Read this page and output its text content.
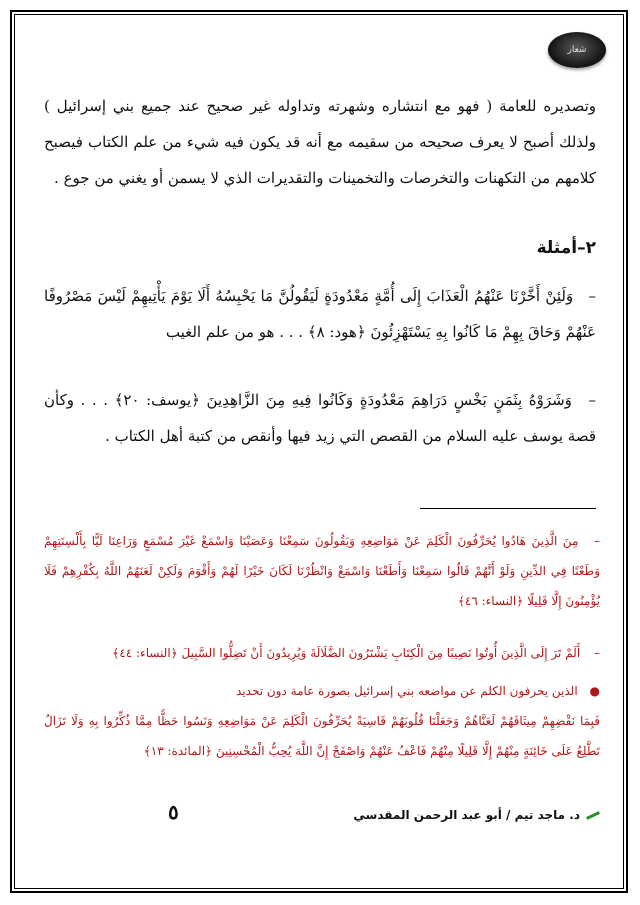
شعار
وتصديره للعامة ( فهو مع انتشاره وشهرته وتداوله غير صحيح عند جميع بني إسرائيل ) ولذلك أصبح لا يعرف صحيحه من سقيمه مع أنه قد يكون فيه شيء من علم الكتاب فيصبح كلامهم من التكهنات والتخرصات والتخمينات والتقديرات الذي لا يسمن أو يغني من جوع .
٢–أمثلة
– وَلَئِنْ أَخَّرْنَا عَنْهُمُ الْعَذَابَ إِلَى أُمَّةٍ مَعْدُودَةٍ لَيَقُولُنَّ مَا يَحْبِسُهُ أَلَا يَوْمَ يَأْتِيهِمْ لَيْسَ مَصْرُوفًا عَنْهُمْ وَحَاقَ بِهِمْ مَا كَانُوا بِهِ يَسْتَهْزِئُونَ ﴿هود: ٨﴾ . . . هو من علم الغيب
– وَشَرَوْهُ بِثَمَنٍ بَخْسٍ دَرَاهِمَ مَعْدُودَةٍ وَكَانُوا فِيهِ مِنَ الزَّاهِدِينَ ﴿يوسف: ٢٠﴾ . . . وكأن قصة يوسف عليه السلام من القصص التي زيد فيها وأنقص من كتبة أهل الكتاب .
– مِنَ الَّذِينَ هَادُوا يُحَرِّفُونَ الْكَلِمَ عَنْ مَوَاضِعِهِ وَيَقُولُونَ سَمِعْنَا وَعَصَيْنَا وَاسْمَعْ غَيْرَ مُسْمَعٍ وَرَاعِنَا لَيًّا بِأَلْسِنَتِهِمْ وَطَعْنًا فِي الدِّينِ وَلَوْ أَنَّهُمْ قَالُوا سَمِعْنَا وَأَطَعْنَا وَاسْمَعْ وَانْظُرْنَا لَكَانَ خَيْرًا لَهُمْ وَأَقْوَمَ وَلَكِنْ لَعَنَهُمُ اللَّهُ بِكُفْرِهِمْ فَلَا يُؤْمِنُونَ إِلَّا قَلِيلًا ﴿النساء: ٤٦﴾
– أَلَمْ تَرَ إِلَى الَّذِينَ أُوتُوا نَصِيبًا مِنَ الْكِتَابِ يَشْتَرُونَ الضَّلَالَةَ وَيُرِيدُونَ أَنْ تَضِلُّوا السَّبِيلَ ﴿النساء: ٤٤﴾
● الذين يحرفون الكلم عن مواضعه بني إسرائيل بصورة عامة دون تحديد
فَبِمَا نَقْضِهِمْ مِيثَاقَهُمْ لَعَنَّاهُمْ وَجَعَلْنَا قُلُوبَهُمْ قَاسِيَةً يُحَرِّفُونَ الْكَلِمَ عَنْ مَوَاضِعِهِ وَنَسُوا حَظًّا مِمَّا ذُكِّرُوا بِهِ وَلَا تَزَالُ تَطَّلِعُ عَلَى خَائِنَةٍ مِنْهُمْ إِلَّا قَلِيلًا مِنْهُمْ فَاعْفُ عَنْهُمْ وَاصْفَحْ إِنَّ اللَّهَ يُحِبُّ الْمُحْسِنِينَ ﴿المائدة: ١٣﴾
٥	د. ماجد تيم / أبو عبد الرحمن المقدسي
